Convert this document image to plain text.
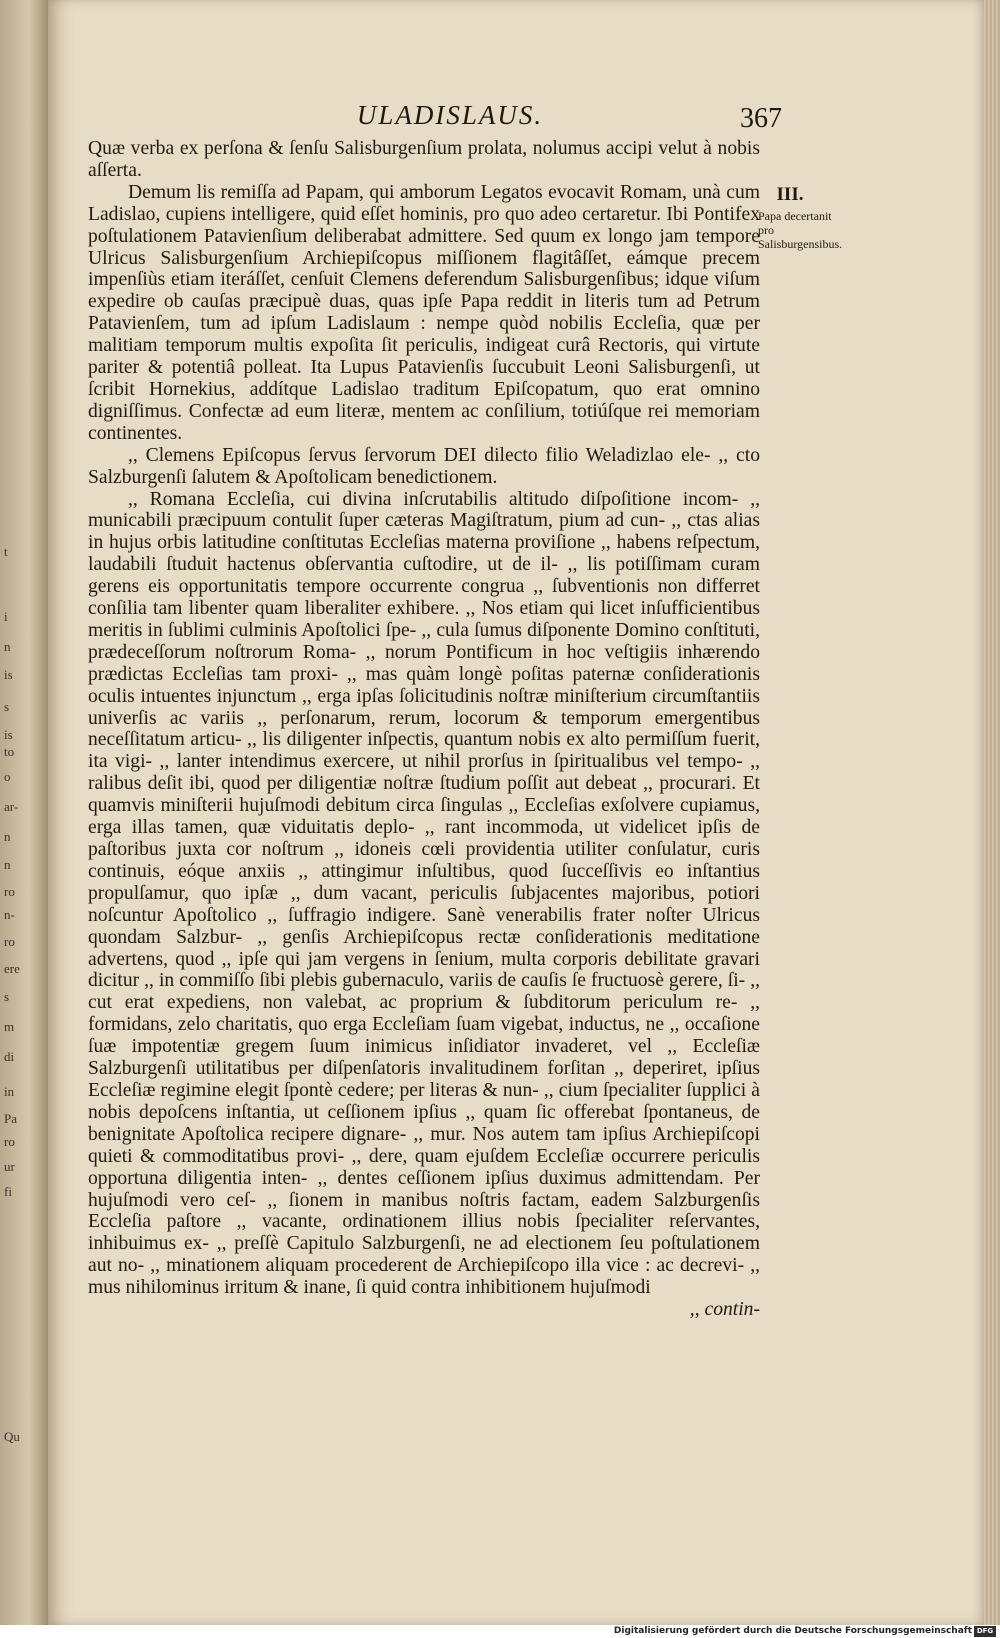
t
i
n
is
s
is
to
o
ar-
n
n
ro
n-
ro
ere
s
m
di
in
Pa
ro
ur
fi
Qu
ULADISLAUS.	367

Quæ verba ex perſona & ſenſu Salisburgenſium prolata, nolumus accipi velut à nobis aſſerta.

Demum lis remiſſa ad Papam, qui amborum Legatos evocavit Romam, unà cum Ladislao, cupiens intelligere, quid eſſet hominis, pro quo adeo certaretur. Ibi Pontifex poſtulationem Patavienſium deliberabat admittere. Sed quum ex longo jam tempore Ulricus Salisburgenſium Archiepiſcopus miſſionem flagitâſſet, eámque precem impenſiùs etiam iteráſſet, cenſuit Clemens deferendum Salisburgenſibus; idque viſum expedire ob cauſas præcipuè duas, quas ipſe Papa reddit in literis tum ad Petrum Patavienſem, tum ad ipſum Ladislaum : nempe quòd nobilis Eccleſia, quæ per malitiam temporum multis expoſita ſit periculis, indigeat curâ Rectoris, qui virtute pariter & potentiâ polleat. Ita Lupus Patavienſis ſuccubuit Leoni Salisburgenſi, ut ſcribit Hornekius, addítque Ladislao traditum Epiſcopatum, quo erat omnino digniſſimus. Confectæ ad eum literæ, mentem ac conſilium, totiúſque rei memoriam continentes.

,, Clemens Epiſcopus ſervus ſervorum DEI dilecto filio Weladizlao ele- ,, cto Salzburgenſi ſalutem & Apoſtolicam benedictionem.

,, Romana Eccleſia, cui divina inſcrutabilis altitudo diſpoſitione incom- ,, municabili præcipuum contulit ſuper cæteras Magiſtratum, pium ad cun- ,, ctas alias in hujus orbis latitudine conſtitutas Eccleſias materna proviſione ,, habens reſpectum, laudabili ſtuduit hactenus obſervantia cuſtodire, ut de il- ,, lis potiſſimam curam gerens eis opportunitatis tempore occurrente congrua ,, ſubventionis non differret conſilia tam libenter quam liberaliter exhibere. ,, Nos etiam qui licet inſufficientibus meritis in ſublimi culminis Apoſtolici ſpe- ,, cula ſumus diſponente Domino conſtituti, prædeceſſorum noſtrorum Roma- ,, norum Pontificum in hoc veſtigiis inhærendo prædictas Eccleſias tam proxi- ,, mas quàm longè poſitas paternæ conſiderationis oculis intuentes injunctum ,, erga ipſas ſolicitudinis noſtræ miniſterium circumſtantiis univerſis ac variis ,, perſonarum, rerum, locorum & temporum emergentibus neceſſitatum articu- ,, lis diligenter inſpectis, quantum nobis ex alto permiſſum fuerit, ita vigi- ,, lanter intendimus exercere, ut nihil prorſus in ſpiritualibus vel tempo- ,, ralibus deſit ibi, quod per diligentiæ noſtræ ſtudium poſſit aut debeat ,, procurari. Et quamvis miniſterii hujuſmodi debitum circa ſingulas ,, Eccleſias exſolvere cupiamus, erga illas tamen, quæ viduitatis deplo- ,, rant incommoda, ut videlicet ipſis de paſtoribus juxta cor noſtrum ,, idoneis cœli providentia utiliter conſulatur, curis continuis, eóque anxiis ,, attingimur inſultibus, quod ſucceſſivis eo inſtantius propulſamur, quo ipſæ ,, dum vacant, periculis ſubjacentes majoribus, potiori noſcuntur Apoſtolico ,, ſuffragio indigere. Sanè venerabilis frater noſter Ulricus quondam Salzbur- ,, genſis Archiepiſcopus rectæ conſiderationis meditatione advertens, quod ,, ipſe qui jam vergens in ſenium, multa corporis debilitate gravari dicitur ,, in commiſſo ſibi plebis gubernaculo, variis de cauſis ſe fructuosè gerere, ſi- ,, cut erat expediens, non valebat, ac proprium & ſubditorum periculum re- ,, formidans, zelo charitatis, quo erga Eccleſiam ſuam vigebat, inductus, ne ,, occaſione ſuæ impotentiæ gregem ſuum inimicus inſidiator invaderet, vel ,, Eccleſiæ Salzburgenſi utilitatibus per diſpenſatoris invalitudinem forſitan ,, deperiret, ipſius Eccleſiæ regimine elegit ſpontè cedere; per literas & nun- ,, cium ſpecialiter ſupplici à nobis depoſcens inſtantia, ut ceſſionem ipſius ,, quam ſic offerebat ſpontaneus, de benignitate Apoſtolica recipere dignare- ,, mur. Nos autem tam ipſius Archiepiſcopi quieti & commoditatibus provi- ,, dere, quam ejuſdem Eccleſiæ occurrere periculis opportuna diligentia inten- ,, dentes ceſſionem ipſius duximus admittendam. Per hujuſmodi vero ceſ- ,, ſionem in manibus noſtris factam, eadem Salzburgenſis Eccleſia paſtore ,, vacante, ordinationem illius nobis ſpecialiter reſervantes, inhibuimus ex- ,, preſſè Capitulo Salzburgenſi, ne ad electionem ſeu poſtulationem aut no- ,, minationem aliquam procederent de Archiepiſcopo illa vice : ac decrevi- ,, mus nihilominus irritum & inane, ſi quid contra inhibitionem hujuſmodi

,, contin-

III.
Papa decertanit pro Salisburgensibus.
Digitalisierung gefördert durch die Deutsche Forschungsgemeinschaft DFG
